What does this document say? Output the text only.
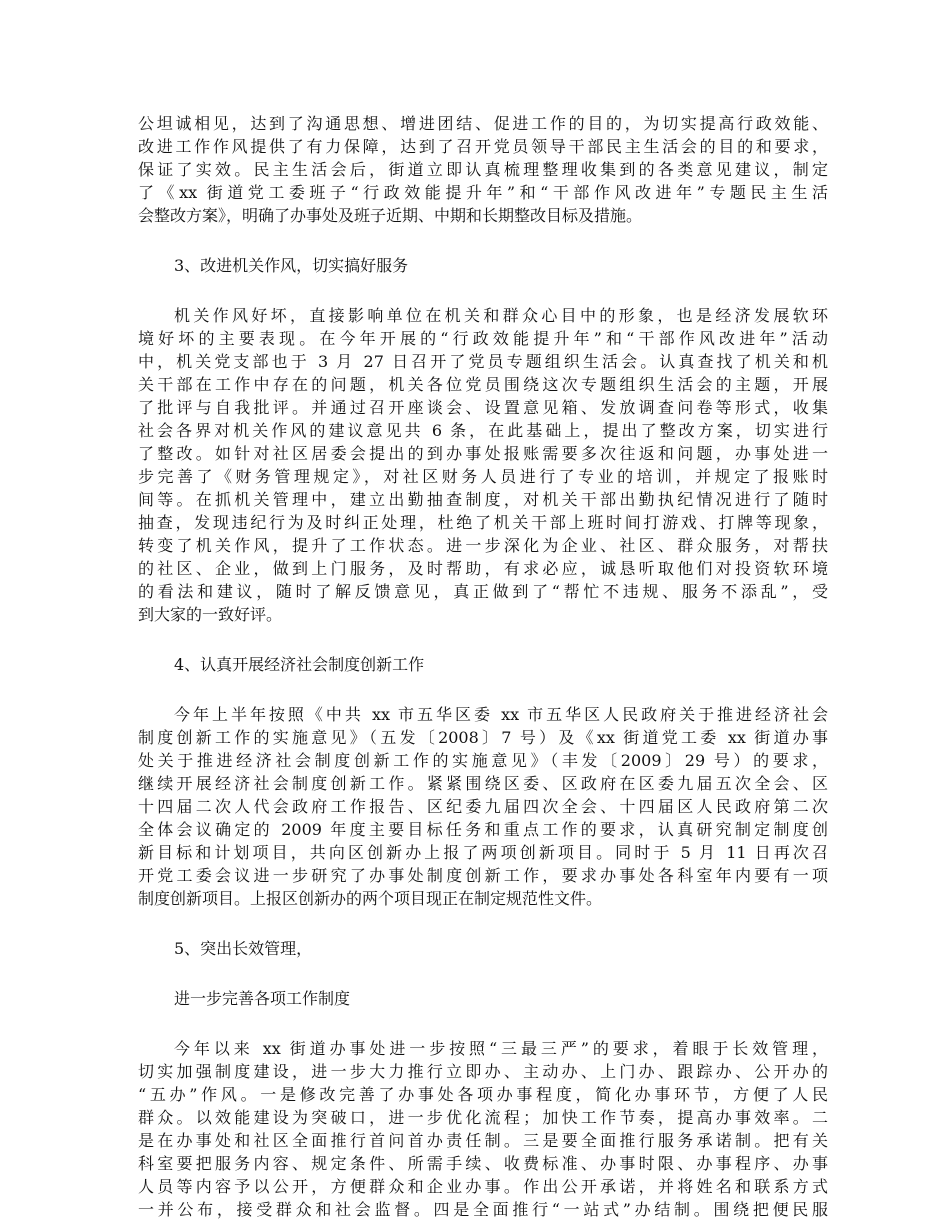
公坦诚相见，达到了沟通思想、增进团结、促进工作的目的，为切实提高行政效能、
改进工作作风提供了有力保障，达到了召开党员领导干部民主生活会的目的和要求，
保证了实效。民主生活会后，街道立即认真梳理整理收集到的各类意见建议，制定
了《xx 街道党工委班子“行政效能提升年”和“干部作风改进年”专题民主生活
会整改方案》，明确了办事处及班子近期、中期和长期整改目标及措施。
3、改进机关作风，切实搞好服务
机关作风好坏，直接影响单位在机关和群众心目中的形象，也是经济发展软环
境好坏的主要表现。在今年开展的“行政效能提升年”和“干部作风改进年”活动
中，机关党支部也于 3 月 27 日召开了党员专题组织生活会。认真查找了机关和机
关干部在工作中存在的问题，机关各位党员围绕这次专题组织生活会的主题，开展
了批评与自我批评。并通过召开座谈会、设置意见箱、发放调查问卷等形式，收集
社会各界对机关作风的建议意见共 6 条，在此基础上，提出了整改方案，切实进行
了整改。如针对社区居委会提出的到办事处报账需要多次往返和问题，办事处进一
步完善了《财务管理规定》，对社区财务人员进行了专业的培训，并规定了报账时
间等。在抓机关管理中，建立出勤抽查制度，对机关干部出勤执纪情况进行了随时
抽查，发现违纪行为及时纠正处理，杜绝了机关干部上班时间打游戏、打牌等现象，
转变了机关作风，提升了工作状态。进一步深化为企业、社区、群众服务，对帮扶
的社区、企业，做到上门服务，及时帮助，有求必应，诚恳听取他们对投资软环境
的看法和建议，随时了解反馈意见，真正做到了“帮忙不违规、服务不添乱”，受
到大家的一致好评。
4、认真开展经济社会制度创新工作
今年上半年按照《中共 xx 市五华区委 xx 市五华区人民政府关于推进经济社会
制度创新工作的实施意见》（五发〔2008〕7 号）及《xx 街道党工委 xx 街道办事
处关于推进经济社会制度创新工作的实施意见》（丰发〔2009〕29 号）的要求，
继续开展经济社会制度创新工作。紧紧围绕区委、区政府在区委九届五次全会、区
十四届二次人代会政府工作报告、区纪委九届四次全会、十四届区人民政府第二次
全体会议确定的 2009 年度主要目标任务和重点工作的要求，认真研究制定制度创
新目标和计划项目，共向区创新办上报了两项创新项目。同时于 5 月 11 日再次召
开党工委会议进一步研究了办事处制度创新工作，要求办事处各科室年内要有一项
制度创新项目。上报区创新办的两个项目现正在制定规范性文件。
5、突出长效管理，
进一步完善各项工作制度
今年以来 xx 街道办事处进一步按照“三最三严”的要求，着眼于长效管理，
切实加强制度建设，进一步大力推行立即办、主动办、上门办、跟踪办、公开办的
“五办”作风。一是修改完善了办事处各项办事程度，简化办事环节，方便了人民
群众。以效能建设为突破口，进一步优化流程；加快工作节奏，提高办事效率。二
是在办事处和社区全面推行首问首办责任制。三是要全面推行服务承诺制。把有关
科室要把服务内容、规定条件、所需手续、收费标准、办事时限、办事程序、办事
人员等内容予以公开，方便群众和企业办事。作出公开承诺，并将姓名和联系方式
一并公布，接受群众和社会监督。四是全面推行“一站式”办结制。围绕把便民服
